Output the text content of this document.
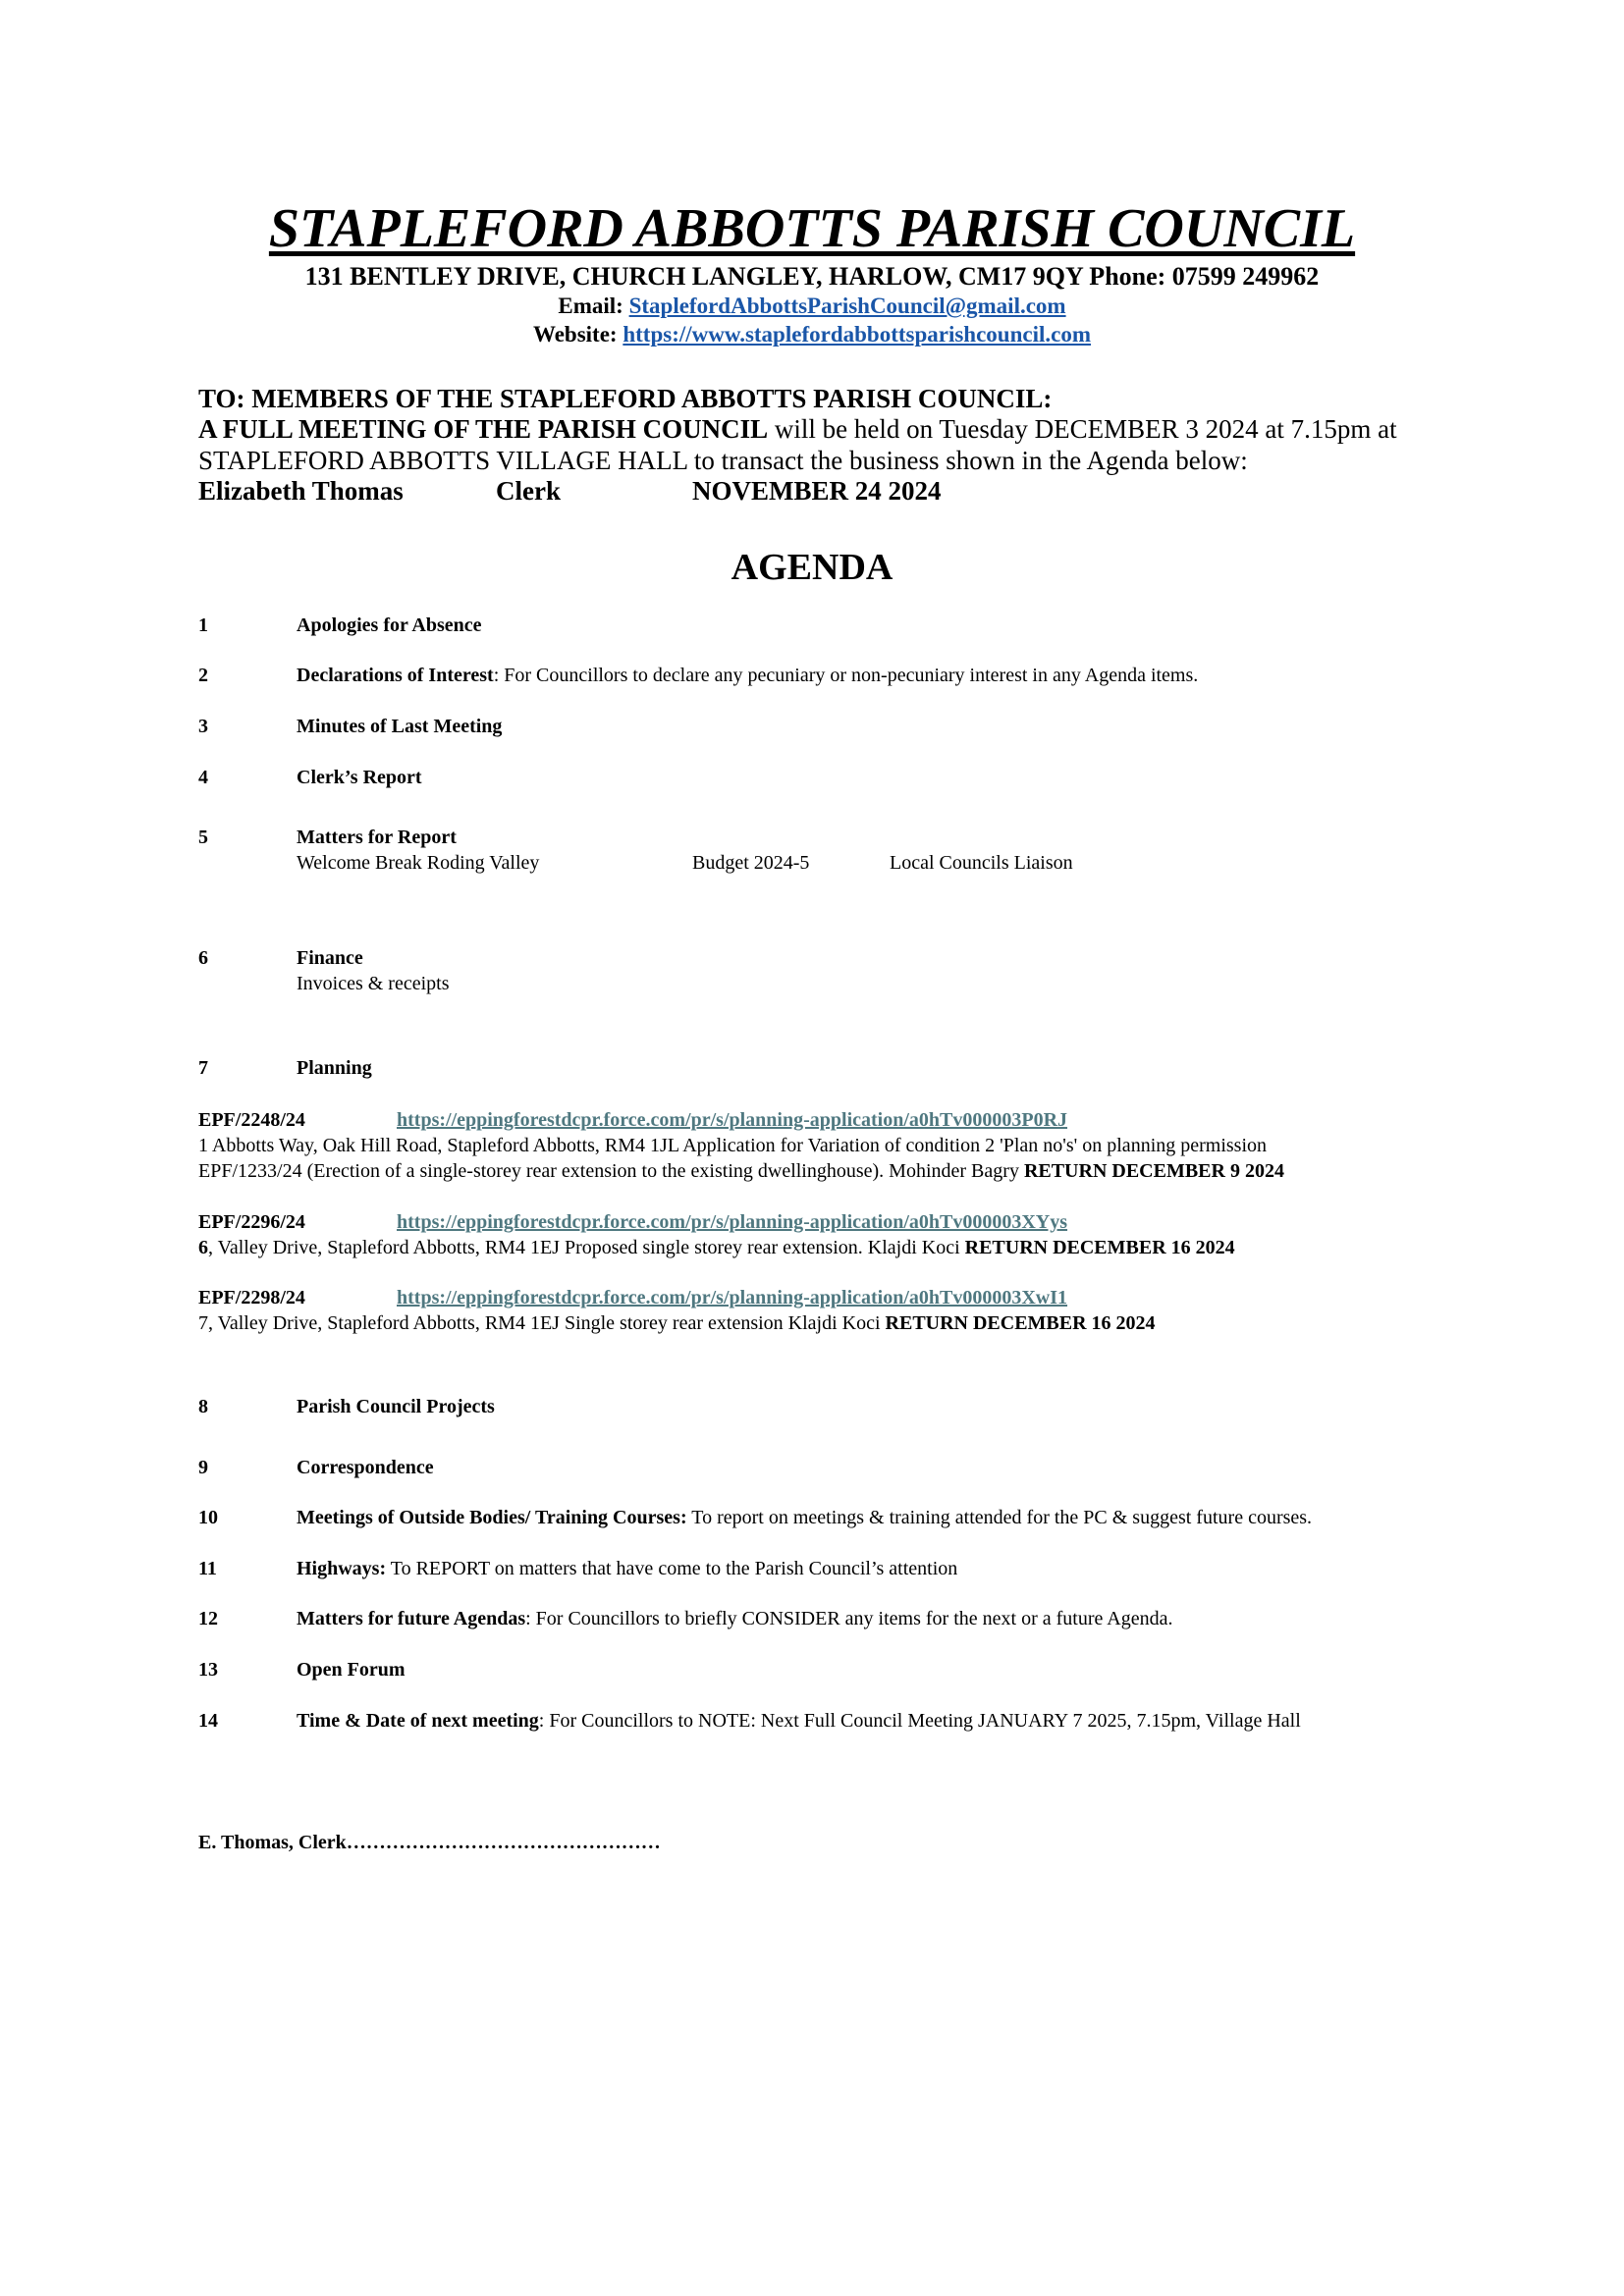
STAPLEFORD ABBOTTS PARISH COUNCIL
131 BENTLEY DRIVE, CHURCH LANGLEY, HARLOW, CM17 9QY Phone: 07599 249962
Email: StaplefordAbbottsParishCouncil@gmail.com
Website: https://www.staplefordabbottsparishcouncil.com
TO: MEMBERS OF THE STAPLEFORD ABBOTTS PARISH COUNCIL:
A FULL MEETING OF THE PARISH COUNCIL will be held on Tuesday DECEMBER 3 2024 at 7.15pm at
STAPLEFORD ABBOTTS VILLAGE HALL to transact the business shown in the Agenda below:
Elizabeth Thomas	Clerk	NOVEMBER 24 2024
AGENDA
1	Apologies for Absence
2	Declarations of Interest: For Councillors to declare any pecuniary or non-pecuniary interest in any Agenda items.
3	Minutes of Last Meeting
4	Clerk’s Report
5	Matters for Report
Welcome Break Roding Valley	Budget 2024-5	Local Councils Liaison
6	Finance
Invoices & receipts
7	Planning
EPF/2248/24	https://eppingforestdcpr.force.com/pr/s/planning-application/a0hTv000003P0RJ
1 Abbotts Way, Oak Hill Road, Stapleford Abbotts, RM4 1JL Application for Variation of condition 2 'Plan no's' on planning permission
EPF/1233/24 (Erection of a single-storey rear extension to the existing dwellinghouse). Mohinder Bagry RETURN DECEMBER 9 2024
EPF/2296/24	https://eppingforestdcpr.force.com/pr/s/planning-application/a0hTv000003XYys
6, Valley Drive, Stapleford Abbotts, RM4 1EJ Proposed single storey rear extension. Klajdi Koci RETURN DECEMBER 16 2024
EPF/2298/24	https://eppingforestdcpr.force.com/pr/s/planning-application/a0hTv000003XwI1
7, Valley Drive, Stapleford Abbotts, RM4 1EJ Single storey rear extension Klajdi Koci RETURN DECEMBER 16 2024
8	Parish Council Projects
9	Correspondence
10	Meetings of Outside Bodies/ Training Courses: To report on meetings & training attended for the PC & suggest future courses.
11	Highways: To REPORT on matters that have come to the Parish Council’s attention
12	Matters for future Agendas: For Councillors to briefly CONSIDER any items for the next or a future Agenda.
13	Open Forum
14	Time & Date of next meeting: For Councillors to NOTE: Next Full Council Meeting JANUARY 7 2025, 7.15pm, Village Hall
E. Thomas, Clerk…………………………………………
